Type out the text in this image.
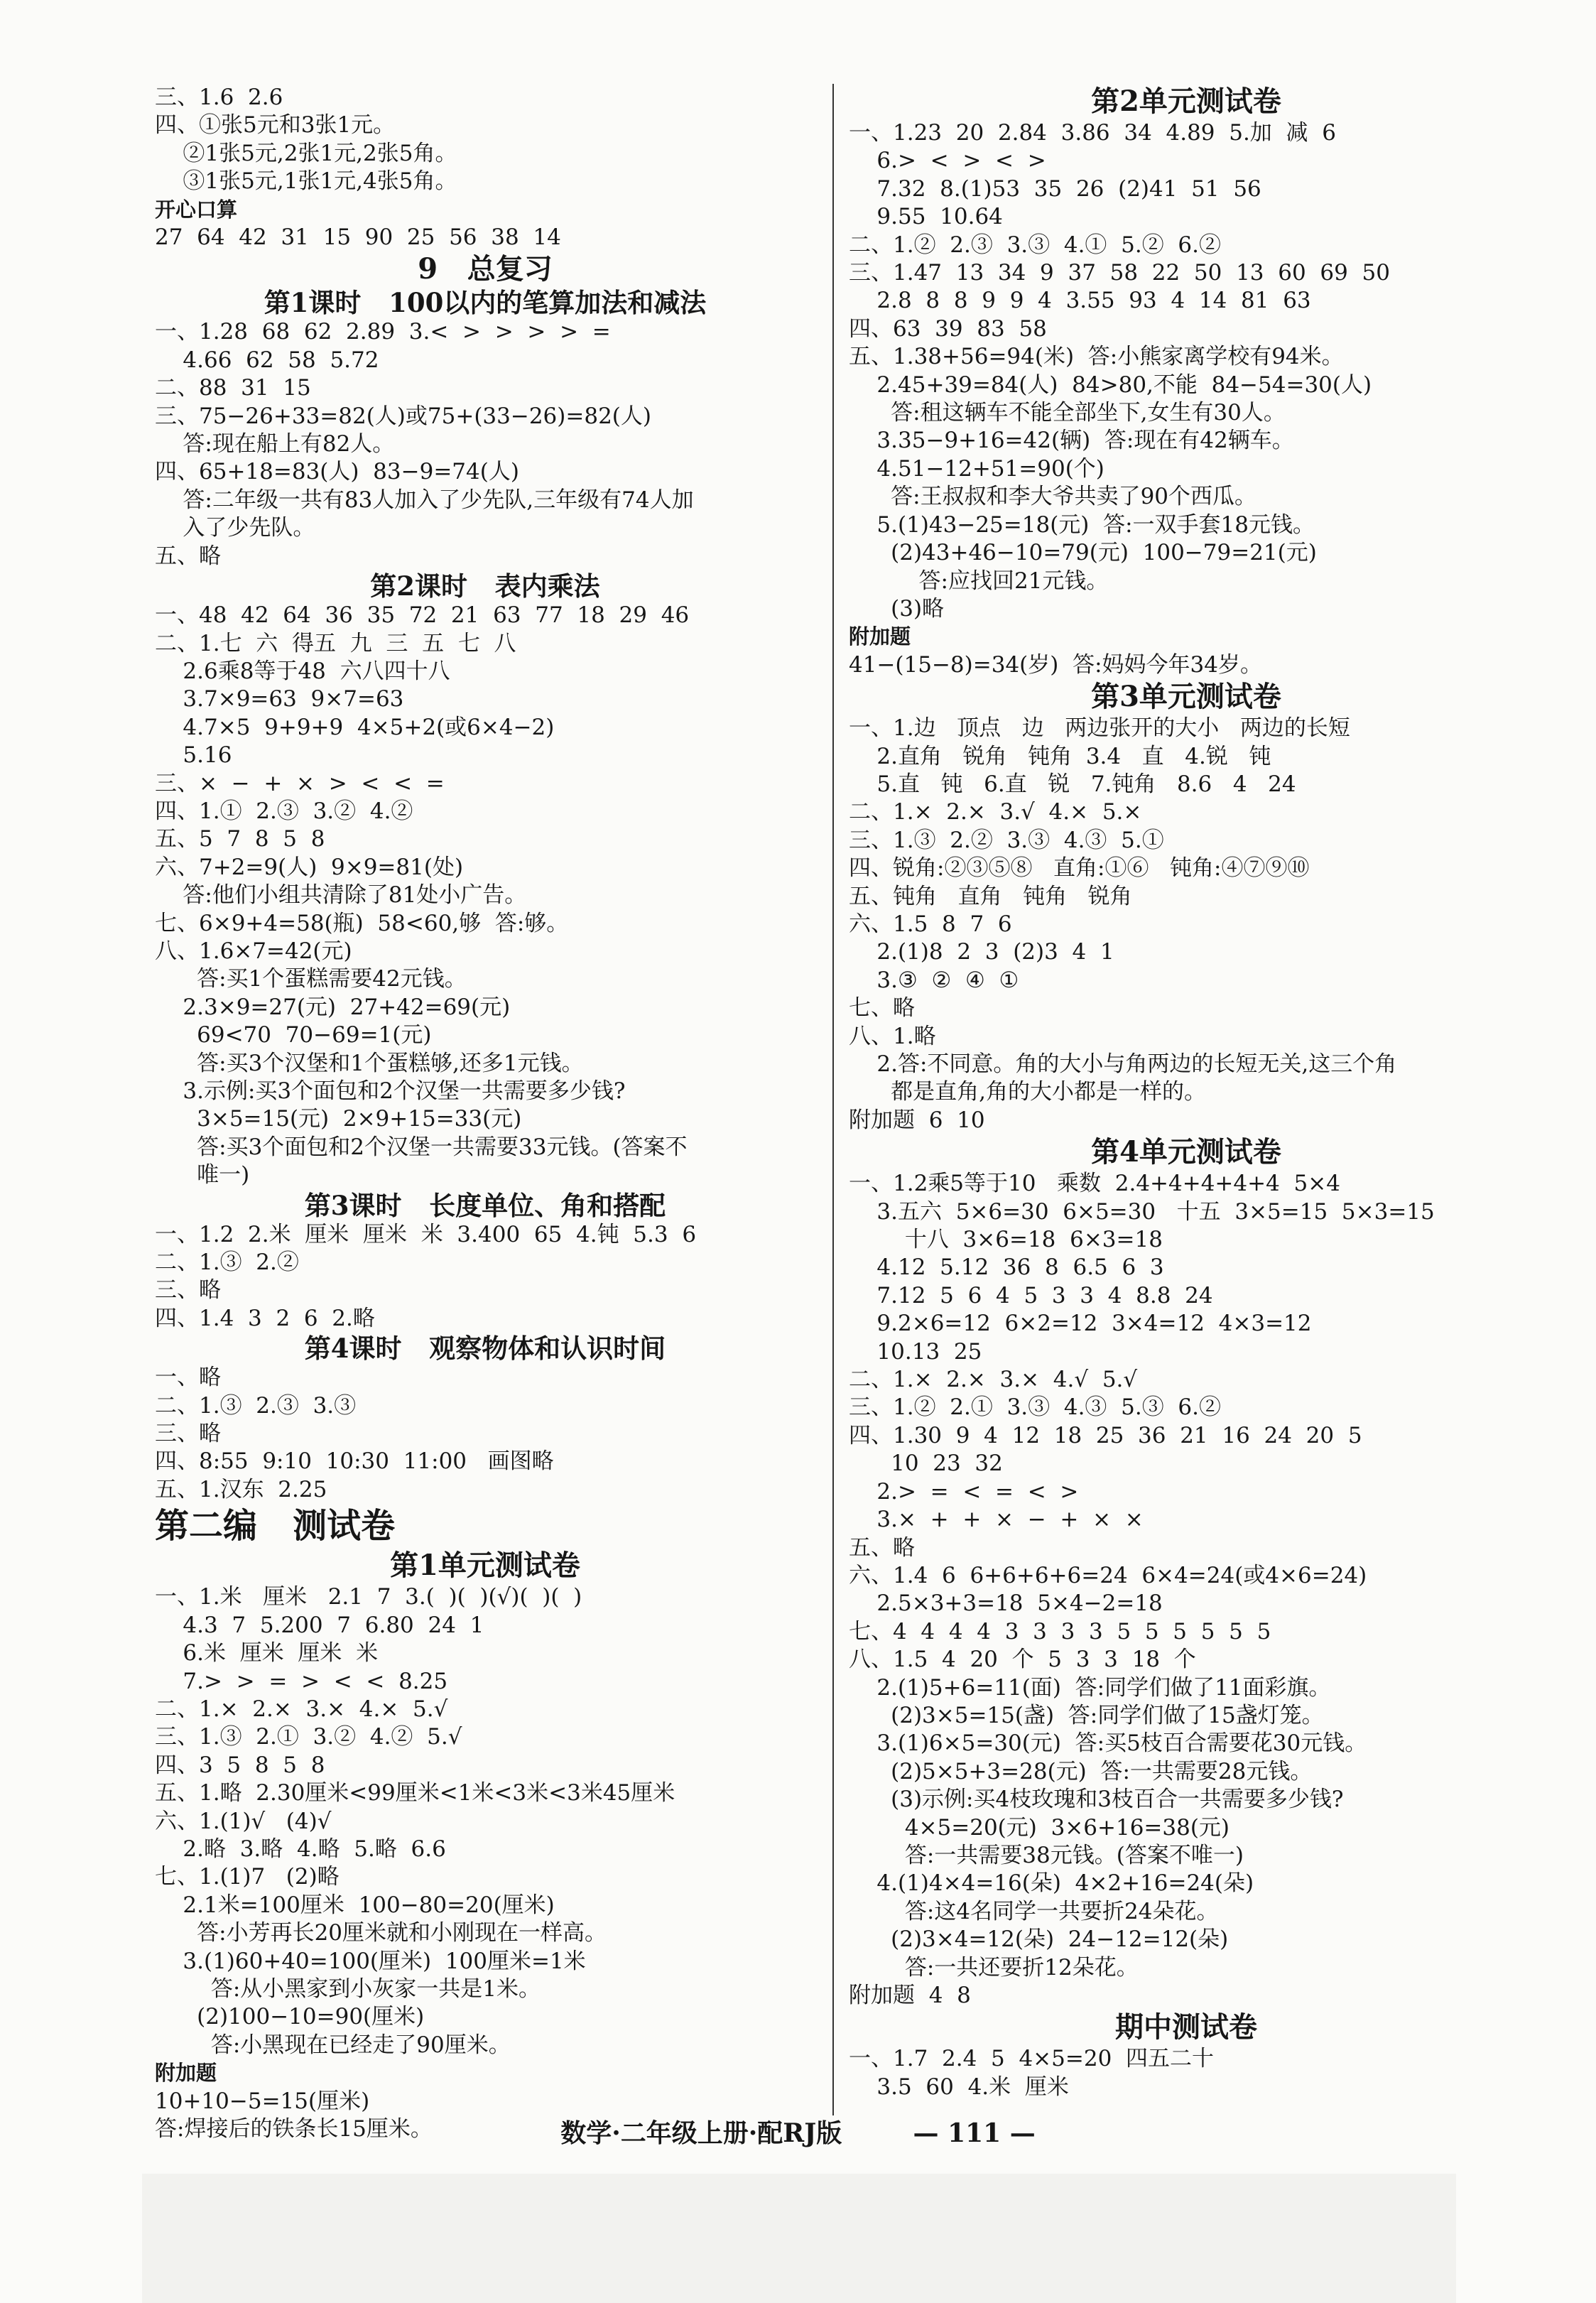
三、1.6  2.6
四、①张5元和3张1元。
②1张5元,2张1元,2张5角。
③1张5元,1张1元,4张5角。
开心口算
27  64  42  31  15  90  25  56  38  14
9   总复习
第1课时   100以内的笔算加法和减法
一、1.28  68  62  2.89  3.<  >  >  >  >  =
4.66  62  58  5.72
二、88  31  15
三、75−26+33=82(人)或75+(33−26)=82(人)
答:现在船上有82人。
四、65+18=83(人)  83−9=74(人)
答:二年级一共有83人加入了少先队,三年级有74人加
入了少先队。
五、略
第2课时   表内乘法
一、48  42  64  36  35  72  21  63  77  18  29  46
二、1.七  六  得五  九  三  五  七  八
2.6乘8等于48  六八四十八
3.7×9=63  9×7=63
4.7×5  9+9+9  4×5+2(或6×4−2)
5.16
三、×  −  +  ×  >  <  <  =
四、1.①  2.③  3.②  4.②
五、5  7  8  5  8
六、7+2=9(人)  9×9=81(处)
答:他们小组共清除了81处小广告。
七、6×9+4=58(瓶)  58<60,够  答:够。
八、1.6×7=42(元)
答:买1个蛋糕需要42元钱。
2.3×9=27(元)  27+42=69(元)
69<70  70−69=1(元)
答:买3个汉堡和1个蛋糕够,还多1元钱。
3.示例:买3个面包和2个汉堡一共需要多少钱?
3×5=15(元)  2×9+15=33(元)
答:买3个面包和2个汉堡一共需要33元钱。(答案不
唯一)
第3课时   长度单位、角和搭配
一、1.2  2.米  厘米  厘米  米  3.400  65  4.钝  5.3  6
二、1.③  2.②
三、略
四、1.4  3  2  6  2.略
第4课时   观察物体和认识时间
一、略
二、1.③  2.③  3.③
三、略
四、8:55  9:10  10:30  11:00   画图略
五、1.汉东  2.25
第二编   测试卷
第1单元测试卷
一、1.米   厘米   2.1  7  3.(  )(  )(√)(  )(  )
4.3  7  5.200  7  6.80  24  1
6.米  厘米  厘米  米
7.>  >  =  >  <  <  8.25
二、1.×  2.×  3.×  4.×  5.√
三、1.③  2.①  3.②  4.②  5.√
四、3  5  8  5  8
五、1.略  2.30厘米<99厘米<1米<3米<3米45厘米
六、1.(1)√   (4)√
2.略  3.略  4.略  5.略  6.6
七、1.(1)7   (2)略
2.1米=100厘米  100−80=20(厘米)
答:小芳再长20厘米就和小刚现在一样高。
3.(1)60+40=100(厘米)  100厘米=1米
答:从小黑家到小灰家一共是1米。
(2)100−10=90(厘米)
答:小黑现在已经走了90厘米。
附加题
10+10−5=15(厘米)
答:焊接后的铁条长15厘米。
第2单元测试卷
一、1.23  20  2.84  3.86  34  4.89  5.加  减  6
6.>  <  >  <  >
7.32  8.(1)53  35  26  (2)41  51  56
9.55  10.64
二、1.②  2.③  3.③  4.①  5.②  6.②
三、1.47  13  34  9  37  58  22  50  13  60  69  50
2.8  8  8  9  9  4  3.55  93  4  14  81  63
四、63  39  83  58
五、1.38+56=94(米)  答:小熊家离学校有94米。
2.45+39=84(人)  84>80,不能  84−54=30(人)
答:租这辆车不能全部坐下,女生有30人。
3.35−9+16=42(辆)  答:现在有42辆车。
4.51−12+51=90(个)
答:王叔叔和李大爷共卖了90个西瓜。
5.(1)43−25=18(元)  答:一双手套18元钱。
(2)43+46−10=79(元)  100−79=21(元)
答:应找回21元钱。
(3)略
附加题
41−(15−8)=34(岁)  答:妈妈今年34岁。
第3单元测试卷
一、1.边   顶点   边   两边张开的大小   两边的长短
2.直角   锐角   钝角  3.4   直   4.锐   钝
5.直   钝   6.直   锐   7.钝角   8.6   4   24
二、1.×  2.×  3.√  4.×  5.×
三、1.③  2.②  3.③  4.③  5.①
四、锐角:②③⑤⑧   直角:①⑥   钝角:④⑦⑨⑩
五、钝角   直角   钝角   锐角
六、1.5  8  7  6
2.(1)8  2  3  (2)3  4  1
3.③  ②  ④  ①
七、略
八、1.略
2.答:不同意。角的大小与角两边的长短无关,这三个角
都是直角,角的大小都是一样的。
附加题  6  10
第4单元测试卷
一、1.2乘5等于10   乘数  2.4+4+4+4+4  5×4
3.五六  5×6=30  6×5=30   十五  3×5=15  5×3=15
十八  3×6=18  6×3=18
4.12  5.12  36  8  6.5  6  3
7.12  5  6  4  5  3  3  4  8.8  24
9.2×6=12  6×2=12  3×4=12  4×3=12
10.13  25
二、1.×  2.×  3.×  4.√  5.√
三、1.②  2.①  3.③  4.③  5.③  6.②
四、1.30  9  4  12  18  25  36  21  16  24  20  5
10  23  32
2.>  =  <  =  <  >
3.×  +  +  ×  −  +  ×  ×
五、略
六、1.4  6  6+6+6+6=24  6×4=24(或4×6=24)
2.5×3+3=18  5×4−2=18
七、4  4  4  4  3  3  3  3  5  5  5  5  5  5
八、1.5  4  20  个  5  3  3  18  个
2.(1)5+6=11(面)  答:同学们做了11面彩旗。
(2)3×5=15(盏)  答:同学们做了15盏灯笼。
3.(1)6×5=30(元)  答:买5枝百合需要花30元钱。
(2)5×5+3=28(元)  答:一共需要28元钱。
(3)示例:买4枝玫瑰和3枝百合一共需要多少钱?
4×5=20(元)  3×6+16=38(元)
答:一共需要38元钱。(答案不唯一)
4.(1)4×4=16(朵)  4×2+16=24(朵)
答:这4名同学一共要折24朵花。
(2)3×4=12(朵)  24−12=12(朵)
答:一共还要折12朵花。
附加题  4  8
期中测试卷
一、1.7  2.4  5  4×5=20  四五二十
3.5  60  4.米  厘米
数学·二年级上册·配RJ版	— 111 —
